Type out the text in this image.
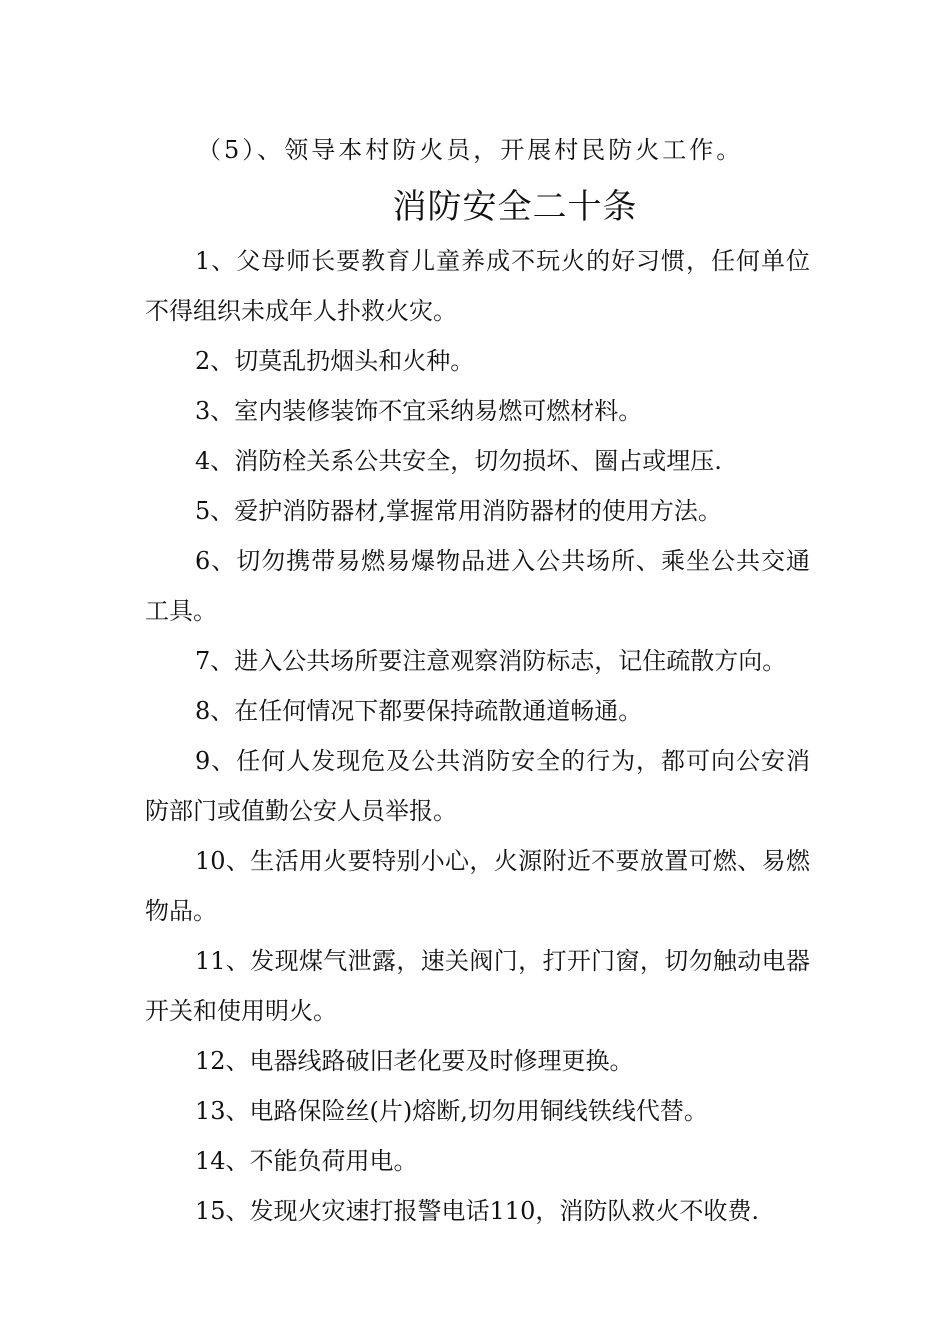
（5）、领导本村防火员，开展村民防火工作。

消防安全二十条
1、父母师长要教育儿童养成不玩火的好习惯，任何单位不得组织未成年人扑救火灾。
2、切莫乱扔烟头和火种。
3、室内装修装饰不宜采纳易燃可燃材料。
4、消防栓关系公共安全，切勿损坏、圈占或埋压.
5、爱护消防器材,掌握常用消防器材的使用方法。
6、切勿携带易燃易爆物品进入公共场所、乘坐公共交通工具。
7、进入公共场所要注意观察消防标志，记住疏散方向。
8、在任何情况下都要保持疏散通道畅通。
9、任何人发现危及公共消防安全的行为，都可向公安消防部门或值勤公安人员举报。
10、生活用火要特别小心，火源附近不要放置可燃、易燃物品。
11、发现煤气泄露，速关阀门，打开门窗，切勿触动电器开关和使用明火。
12、电器线路破旧老化要及时修理更换。
13、电路保险丝(片)熔断,切勿用铜线铁线代替。
14、不能负荷用电。
15、发现火灾速打报警电话110，消防队救火不收费.
